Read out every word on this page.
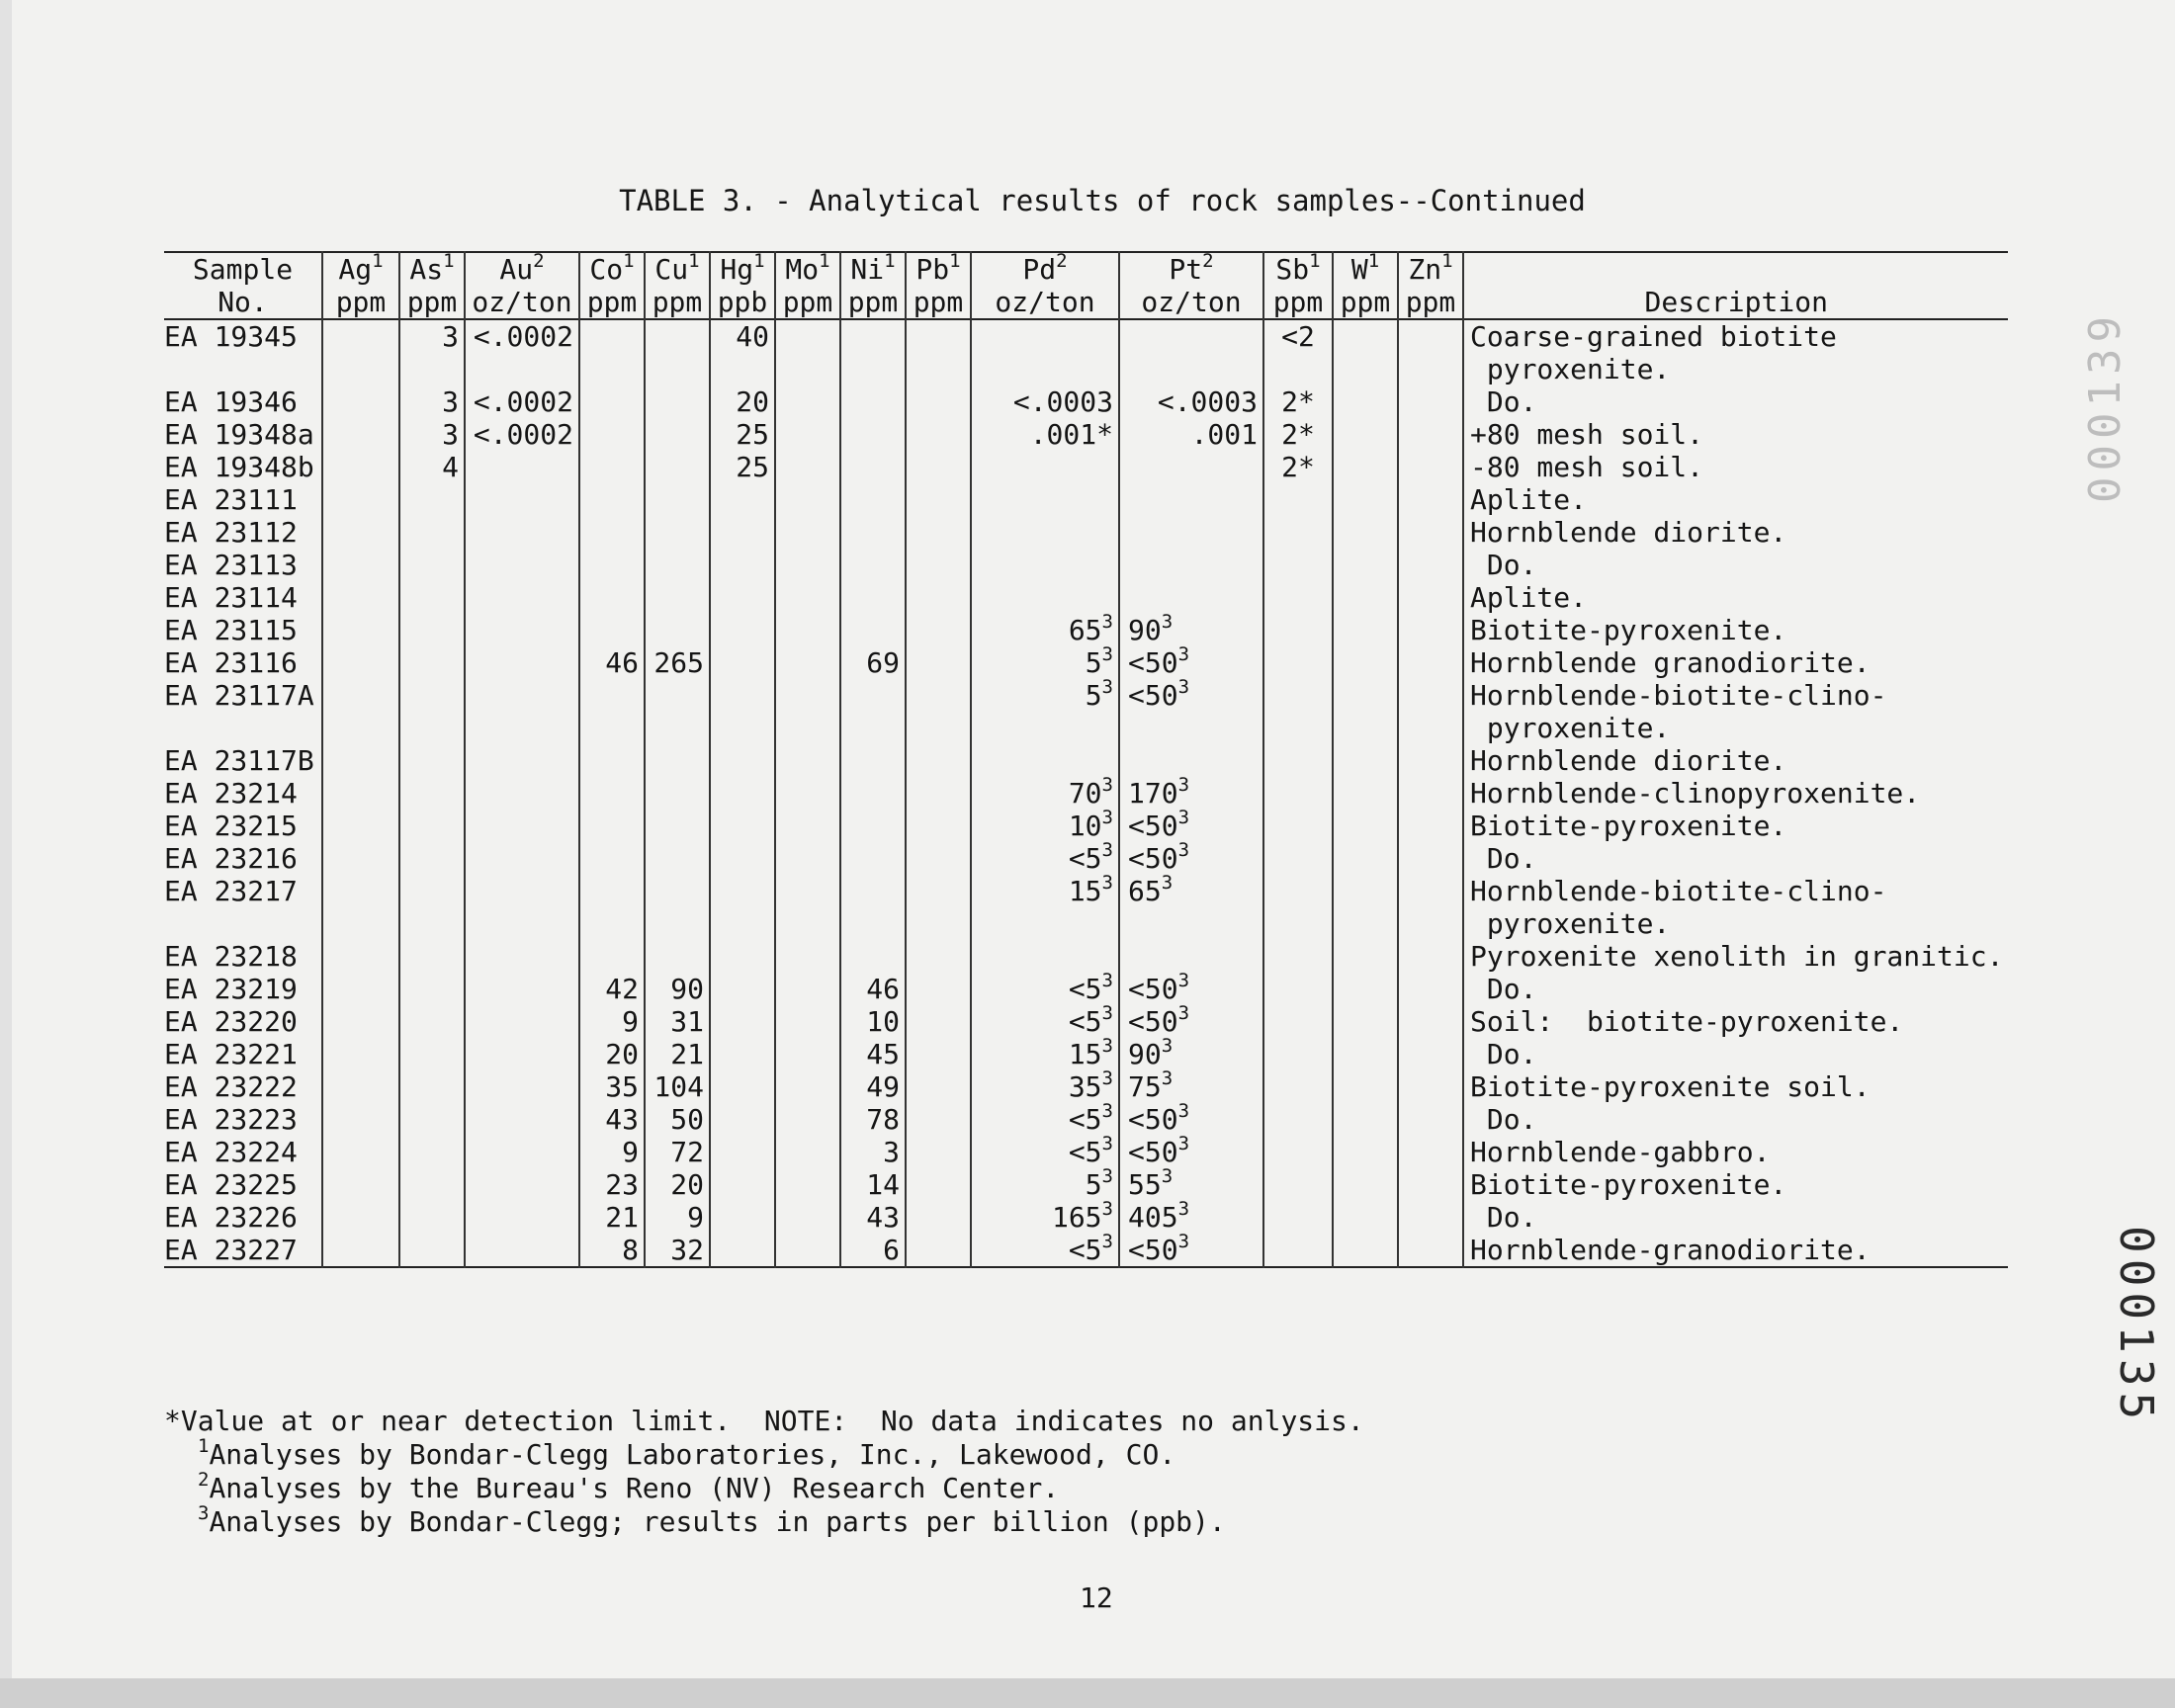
TABLE 3. - Analytical results of rock samples--Continued
Sample	Ag$^1$	As$^1$	Au$^2$	Co$^1$	Cu$^1$	Hg$^1$	Mo$^1$	Ni$^1$	Pb$^1$	Pd$^2$	Pt$^2$	Sb$^1$	$W^1$	Zn$^1$	
No.	ppm	ppm	oz/ton	ppm	ppm	ppb	ppm	ppm	ppm	oz/ton	oz/ton	ppm	ppm	ppm	Description
EA 19345		3	<.0002			40						<2			Coarse-grained biotite
															pyroxenite.
EA 19346		3	<.0002			20				<.0003	<.0003	2*			Do.
EA 19348a		3	<.0002			25				.001*	.001	2*			+80 mesh soil.
EA 19348b		4				25						2*			-80 mesh soil.
EA 23111															Aplite.

EA 23112															Hornblende diorite.
EA 23113															Do.
EA 23114															Aplite.
EA 23115										$65^3$	$90^3$				Biotite-pyroxenite.
EA 23116				46	265			69		$5^3$	$<50^3$				Hornblende granodiorite.

EA 23117A										$5^3$	$<50^3$				Hornblende-biotite-clino-
															pyroxenite.
EA 23117B															Hornblende diorite.
EA 23214										$70^3$	$170^3$				Hornblende-clinopyroxenite.
EA 23215										$10^3$	$<50^3$				Biotite-pyroxenite.
EA 23216										$<5^3$	$<50^3$				Do.

EA 23217										$15^3$	$65^3$				Hornblende-biotite-clino-
															pyroxenite.
EA 23218															Pyroxenite xenolith in granitic.
EA 23219				42	90			46		$<5^3$	$<50^3$				Do.
EA 23220				9	31			10		$<5^3$	$<50^3$				Soil:  biotite-pyroxenite.
EA 23221				20	21			45		$15^3$	$90^3$				Do.

EA 23222				35	104			49		$35^3$	$75^3$				Biotite-pyroxenite soil.
EA 23223				43	50			78		$<5^3$	$<50^3$				Do.
EA 23224				9	72			3		$<5^3$	$<50^3$				Hornblende-gabbro.
EA 23225				23	20			14		$5^3$	$55^3$				Biotite-pyroxenite.
EA 23226				21	9			43		$165^3$	$405^3$				Do.
EA 23227				8	32			6		$<5^3$	$<50^3$				Hornblende-granodiorite.
*Value at or near detection limit.  NOTE:  No data indicates no anlysis.
$^1$Analyses by Bondar-Clegg Laboratories, Inc., Lakewood, CO.
$^2$Analyses by the Bureau's Reno (NV) Research Center.
$^3$Analyses by Bondar-Clegg; results in parts per billion (ppb).
12
000135
000139
